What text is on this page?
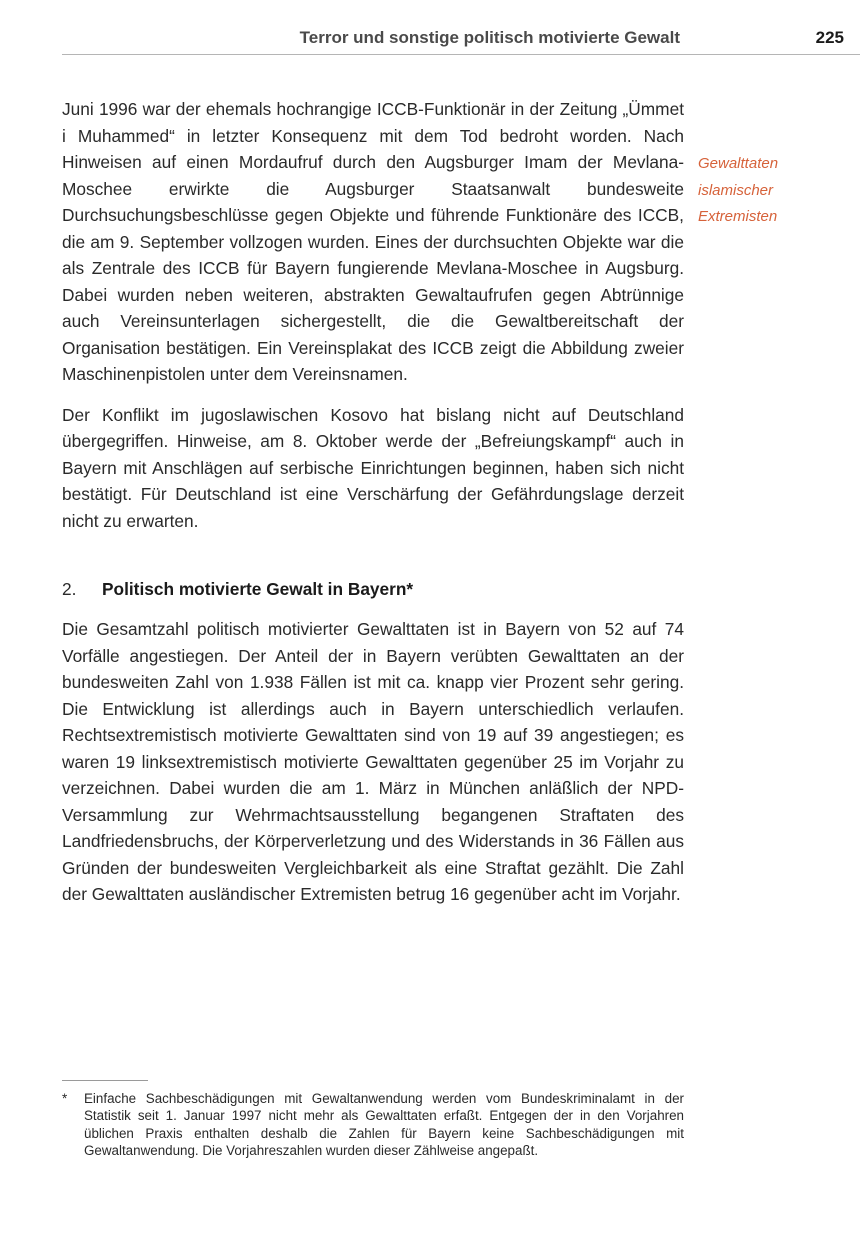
Terror und sonstige politisch motivierte Gewalt	225

Juni 1996 war der ehemals hochrangige ICCB-Funktionär in der Zeitung „Ümmet i Muhammed“ in letzter Konsequenz mit dem Tod bedroht worden. Nach Hinweisen auf einen Mordaufruf durch den Augsburger Imam der Mevlana-Moschee erwirkte die Augsburger Staatsanwalt bundesweite Durchsuchungsbeschlüsse gegen Objekte und führende Funktionäre des ICCB, die am 9. September vollzogen wurden. Eines der durchsuchten Objekte war die als Zentrale des ICCB für Bayern fungierende Mevlana-Moschee in Augsburg. Dabei wurden neben weiteren, abstrakten Gewaltaufrufen gegen Abtrünnige auch Vereinsunterlagen sichergestellt, die die Gewaltbereitschaft der Organisation bestätigen. Ein Vereinsplakat des ICCB zeigt die Abbildung zweier Maschinenpistolen unter dem Vereinsnamen.

Der Konflikt im jugoslawischen Kosovo hat bislang nicht auf Deutschland übergegriffen. Hinweise, am 8. Oktober werde der „Befreiungskampf“ auch in Bayern mit Anschlägen auf serbische Einrichtungen beginnen, haben sich nicht bestätigt. Für Deutschland ist eine Verschärfung der Gefährdungslage derzeit nicht zu erwarten.

2. Politisch motivierte Gewalt in Bayern*

Die Gesamtzahl politisch motivierter Gewalttaten ist in Bayern von 52 auf 74 Vorfälle angestiegen. Der Anteil der in Bayern verübten Gewalttaten an der bundesweiten Zahl von 1.938 Fällen ist mit ca. knapp vier Prozent sehr gering. Die Entwicklung ist allerdings auch in Bayern unterschiedlich verlaufen. Rechtsextremistisch motivierte Gewalttaten sind von 19 auf 39 angestiegen; es waren 19 linksextremistisch motivierte Gewalttaten gegenüber 25 im Vorjahr zu verzeichnen. Dabei wurden die am 1. März in München anläßlich der NPD-Versammlung zur Wehrmachtsausstellung begangenen Straftaten des Landfriedensbruchs, der Körperverletzung und des Widerstands in 36 Fällen aus Gründen der bundesweiten Vergleichbarkeit als eine Straftat gezählt. Die Zahl der Gewalttaten ausländischer Extremisten betrug 16 gegenüber acht im Vorjahr.

Gewalttaten
islamischer
Extremisten
* Einfache Sachbeschädigungen mit Gewaltanwendung werden vom Bundeskriminalamt in der Statistik seit 1. Januar 1997 nicht mehr als Gewalttaten erfaßt. Entgegen der in den Vorjahren üblichen Praxis enthalten deshalb die Zahlen für Bayern keine Sachbeschädigungen mit Gewaltanwendung. Die Vorjahreszahlen wurden dieser Zählweise angepaßt.
